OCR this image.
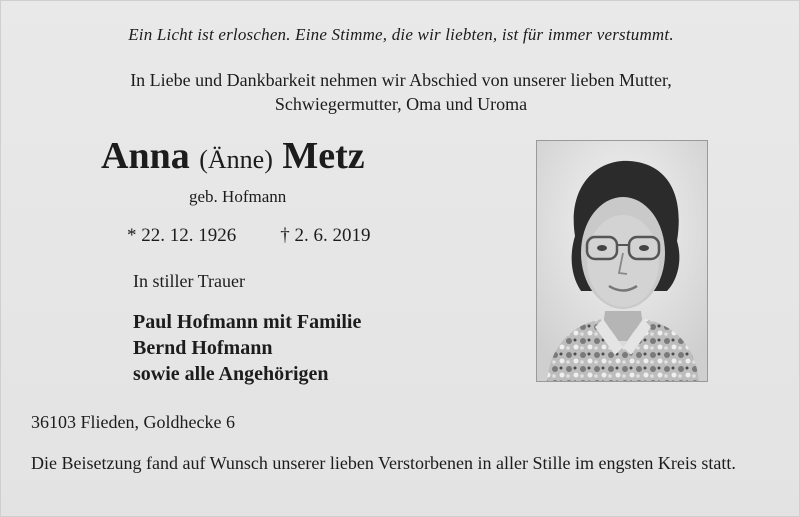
Ein Licht ist erloschen. Eine Stimme, die wir liebten, ist für immer verstummt.
In Liebe und Dankbarkeit nehmen wir Abschied von unserer lieben Mutter,
Schwiegermutter, Oma und Uroma
Anna (Änne) Metz
geb. Hofmann
* 22. 12. 1926 † 2. 6. 2019
In stiller Trauer
Paul Hofmann mit Familie
Bernd Hofmann
sowie alle Angehörigen
36103 Flieden, Goldhecke 6
Die Beisetzung fand auf Wunsch unserer lieben Verstorbenen in aller Stille im engsten Kreis statt.
